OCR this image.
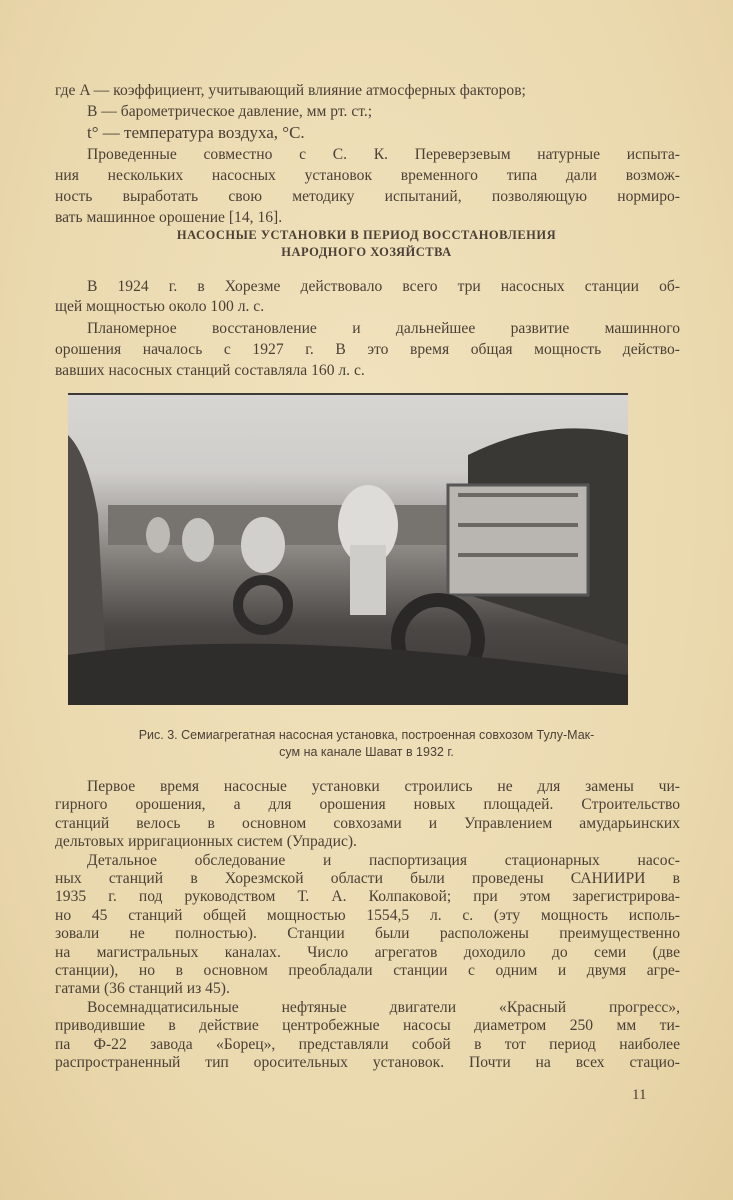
где A — коэффициент, учитывающий влияние атмосферных факторов;
B — барометрическое давление, мм рт. ст.;
t° — температура воздуха, °С.
Проведенные совместно с С. К. Переверзевым натурные испыта-
ния нескольких насосных установок временного типа дали возмож-
ность выработать свою методику испытаний, позволяющую нормиро-
вать машинное орошение [14, 16].
НАСОСНЫЕ УСТАНОВКИ В ПЕРИОД ВОССТАНОВЛЕНИЯ
НАРОДНОГО ХОЗЯЙСТВА
В 1924 г. в Хорезме действовало всего три насосных станции об-
щей мощностью около 100 л. с.
Планомерное восстановление и дальнейшее развитие машинного
орошения началось с 1927 г. В это время общая мощность действо-
вавших насосных станций составляла 160 л. с.
Рис. 3. Семиагрегатная насосная установка, построенная совхозом Тулу-Мак-
сум на канале Шават в 1932 г.
Первое время насосные установки строились не для замены чи-
гирного орошения, а для орошения новых площадей. Строительство
станций велось в основном совхозами и Управлением амударьинских
дельтовых ирригационных систем (Упрадис).
Детальное обследование и паспортизация стационарных насос-
ных станций в Хорезмской области были проведены САНИИРИ в
1935 г. под руководством Т. А. Колпаковой; при этом зарегистрирова-
но 45 станций общей мощностью 1554,5 л. с. (эту мощность исполь-
зовали не полностью). Станции были расположены преимущественно
на магистральных каналах. Число агрегатов доходило до семи (две
станции), но в основном преобладали станции с одним и двумя агре-
гатами (36 станций из 45).
Восемнадцатисильные нефтяные двигатели «Красный прогресс»,
приводившие в действие центробежные насосы диаметром 250 мм ти-
па Ф-22 завода «Борец», представляли собой в тот период наиболее
распространенный тип оросительных установок. Почти на всех стацио-
11
